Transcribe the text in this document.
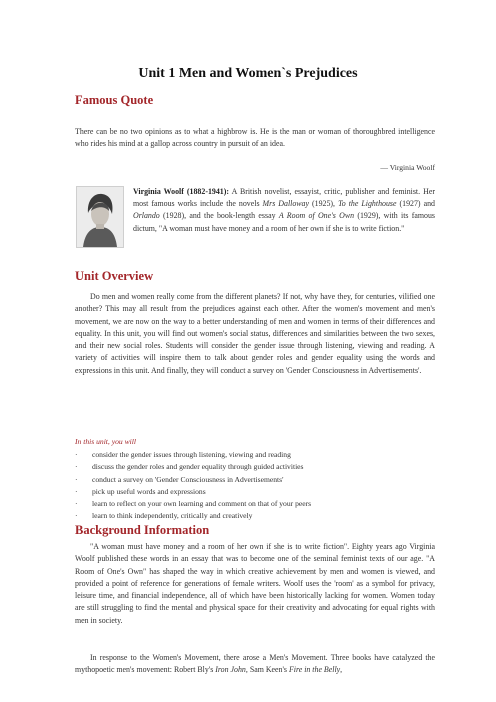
Unit 1 Men and Women`s Prejudices
Famous Quote
There can be no two opinions as to what a highbrow is. He is the man or woman of thoroughbred intelligence who rides his mind at a gallop across country in pursuit of an idea.
— Virginia Woolf
Virginia Woolf (1882-1941): A British novelist, essayist, critic, publisher and feminist. Her most famous works include the novels Mrs Dalloway (1925), To the Lighthouse (1927) and Orlando (1928), and the book-length essay A Room of One's Own (1929), with its famous dictum, "A woman must have money and a room of her own if she is to write fiction."
Unit Overview
Do men and women really come from the different planets? If not, why have they, for centuries, vilified one another? This may all result from the prejudices against each other. After the women's movement and men's movement, we are now on the way to a better understanding of men and women in terms of their differences and equality. In this unit, you will find out women's social status, differences and similarities between the two sexes, and their new social roles. Students will consider the gender issue through listening, viewing and reading. A variety of activities will inspire them to talk about gender roles and gender equality using the words and expressions in this unit. And finally, they will conduct a survey on 'Gender Consciousness in Advertisements'.
In this unit, you will
· consider the gender issues through listening, viewing and reading
· discuss the gender roles and gender equality through guided activities
· conduct a survey on 'Gender Consciousness in Advertisements'
· pick up useful words and expressions
· learn to reflect on your own learning and comment on that of your peers
· learn to think independently, critically and creatively
Background Information
"A woman must have money and a room of her own if she is to write fiction". Eighty years ago Virginia Woolf published these words in an essay that was to become one of the seminal feminist texts of our age. "A Room of One's Own" has shaped the way in which creative achievement by men and women is viewed, and provided a point of reference for generations of female writers. Woolf uses the 'room' as a symbol for privacy, leisure time, and financial independence, all of which have been historically lacking for women. Women today are still struggling to find the mental and physical space for their creativity and advocating for equal rights with men in society.
In response to the Women's Movement, there arose a Men's Movement. Three books have catalyzed the mythopoetic men's movement: Robert Bly's Iron John, Sam Keen's Fire in the Belly,
